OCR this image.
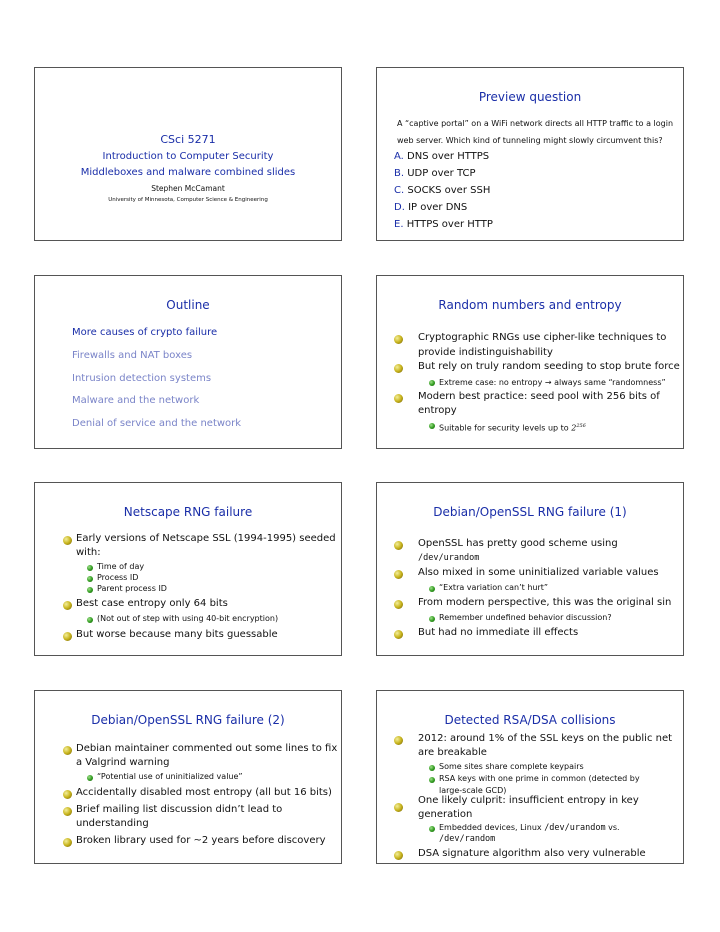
CSci 5271
Introduction to Computer Security
Middleboxes and malware combined slides
Stephen McCamant
University of Minnesota, Computer Science & Engineering
Preview question
A “captive portal” on a WiFi network directs all HTTP traffic to a login
web server. Which kind of tunneling might slowly circumvent this?
A. DNS over HTTPS
B. UDP over TCP
C. SOCKS over SSH
D. IP over DNS
E. HTTPS over HTTP
Outline
More causes of crypto failure
Firewalls and NAT boxes
Intrusion detection systems
Malware and the network
Denial of service and the network
Random numbers and entropy
Cryptographic RNGs use cipher-like techniques to
provide indistinguishability
But rely on truly random seeding to stop brute force
Extreme case: no entropy → always same “randomness”
Modern best practice: seed pool with 256 bits of
entropy
Suitable for security levels up to $2^{256}$
Netscape RNG failure
Early versions of Netscape SSL (1994-1995) seeded
with:
Time of day
Process ID
Parent process ID
Best case entropy only 64 bits
(Not out of step with using 40-bit encryption)
But worse because many bits guessable
Debian/OpenSSL RNG failure (1)
OpenSSL has pretty good scheme using
/dev/urandom
Also mixed in some uninitialized variable values
“Extra variation can’t hurt”
From modern perspective, this was the original sin
Remember undefined behavior discussion?
But had no immediate ill effects
Debian/OpenSSL RNG failure (2)
Debian maintainer commented out some lines to fix
a Valgrind warning
“Potential use of uninitialized value”
Accidentally disabled most entropy (all but 16 bits)
Brief mailing list discussion didn’t lead to
understanding
Broken library used for ~2 years before discovery
Detected RSA/DSA collisions
2012: around 1% of the SSL keys on the public net
are breakable
Some sites share complete keypairs
RSA keys with one prime in common (detected by
large-scale GCD)
One likely culprit: insufficient entropy in key
generation
Embedded devices, Linux /dev/urandom vs.
/dev/random
DSA signature algorithm also very vulnerable
